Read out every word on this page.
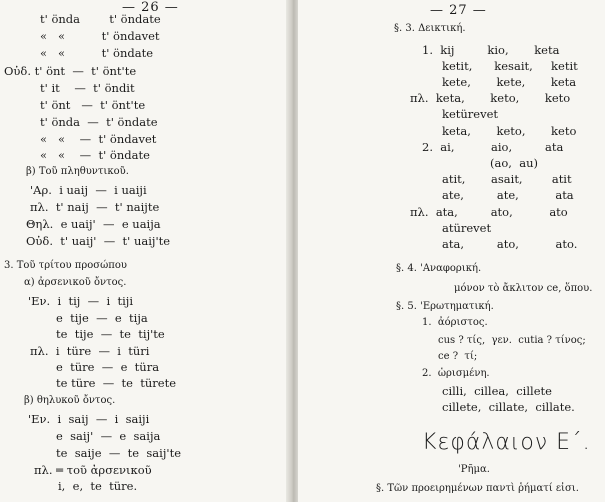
— 26 —
t' önda        t' öndate
«   «          t' öndavet
«   «          t' öndate
Οὐδ. t' önt  —  t' önt'te
t' it    —  t' öndit
t' önt   —  t' önt'te
t' önda  —  t' öndate
«   «    —  t' öndavet
«   «    —  t' öndate
β) Τοῦ πληθυντικοῦ.
'Αρ.  i uaij  —  i uaiji
πλ.  t' naij  —  t' naijte
Θηλ.  e uaij'  —  e uaija
Οὐδ.  t' uaij'  —  t' uaij'te
3. Τοῦ τρίτου προσώπου
α) ἀρσενικοῦ ὄντος.
'Εν.  i  tij  —  i  tiji
e  tije  —  e  tija
te  tije  —  te  tij'te
πλ.  i  türe  —  i  türi
e  türe  —  e  türa
te türe  —  te  türete
β) θηλυκοῦ ὄντος.
'Εν.  i  saij  —  i  saiji
e  saij'  —  e  saija
te  saije  —  te  saij'te
πλ. ═ τοῦ ἀρσενικοῦ
i,  e,  te  türe.
— 27 —
§. 3. Δεικτική.
1.  kij         kio,       keta
ketit,      kesait,     ketit
kete,       kete,       keta
πλ.  keta,       keto,       keto
ketürevet
keta,       keto,       keto
2.  ai,          aio,         ata
(ao,  au)
atit,       asait,        atit
ate,         ate,          ata
πλ.  ata,         ato,          ato
atürevet
ata,         ato,          ato.
§. 4. 'Αναφορική.
μόνον τὸ ἄκλιτον ce, ὅπου.
§. 5. 'Ερωτηματική.
1.  ἀόριστος.
cus ? τίς,  γεν.  cutia ? τίνος;
ce ?  τί;
2.  ὡρισμένη.
cilli,  cillea,  cillete
cillete,  cillate,  cillate.
Κεφάλαιον Ε΄.
'Ρῆμα.
§. Τῶν προειρημένων παντὶ ῥήματί εἰσι.
